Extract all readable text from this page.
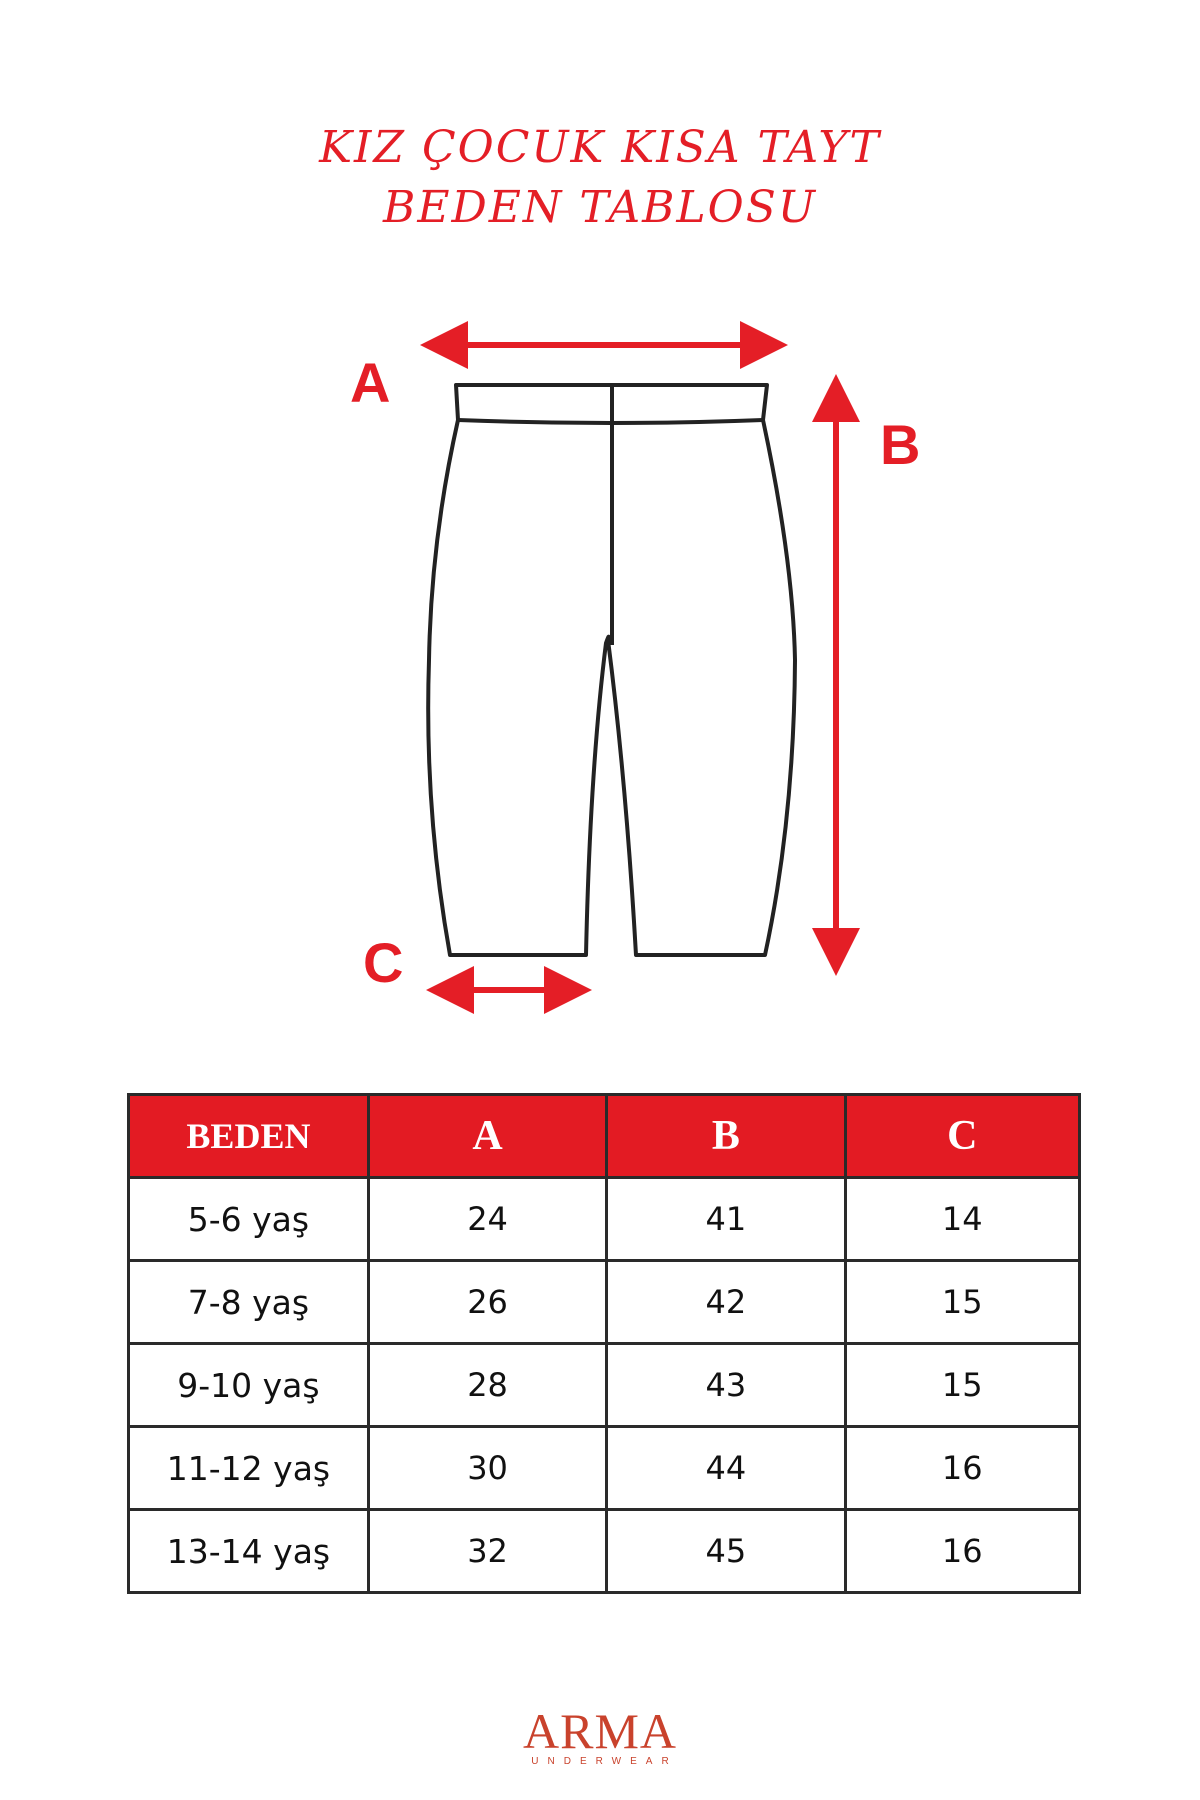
KIZ ÇOCUK KISA TAYT
BEDEN TABLOSU
A
B
C
BEDEN	A	B	C
5-6 yaş	24	41	14
7-8 yaş	26	42	15
9-10 yaş	28	43	15
11-12 yaş	30	44	16
13-14 yaş	32	45	16
ARMA
UNDERWEAR
